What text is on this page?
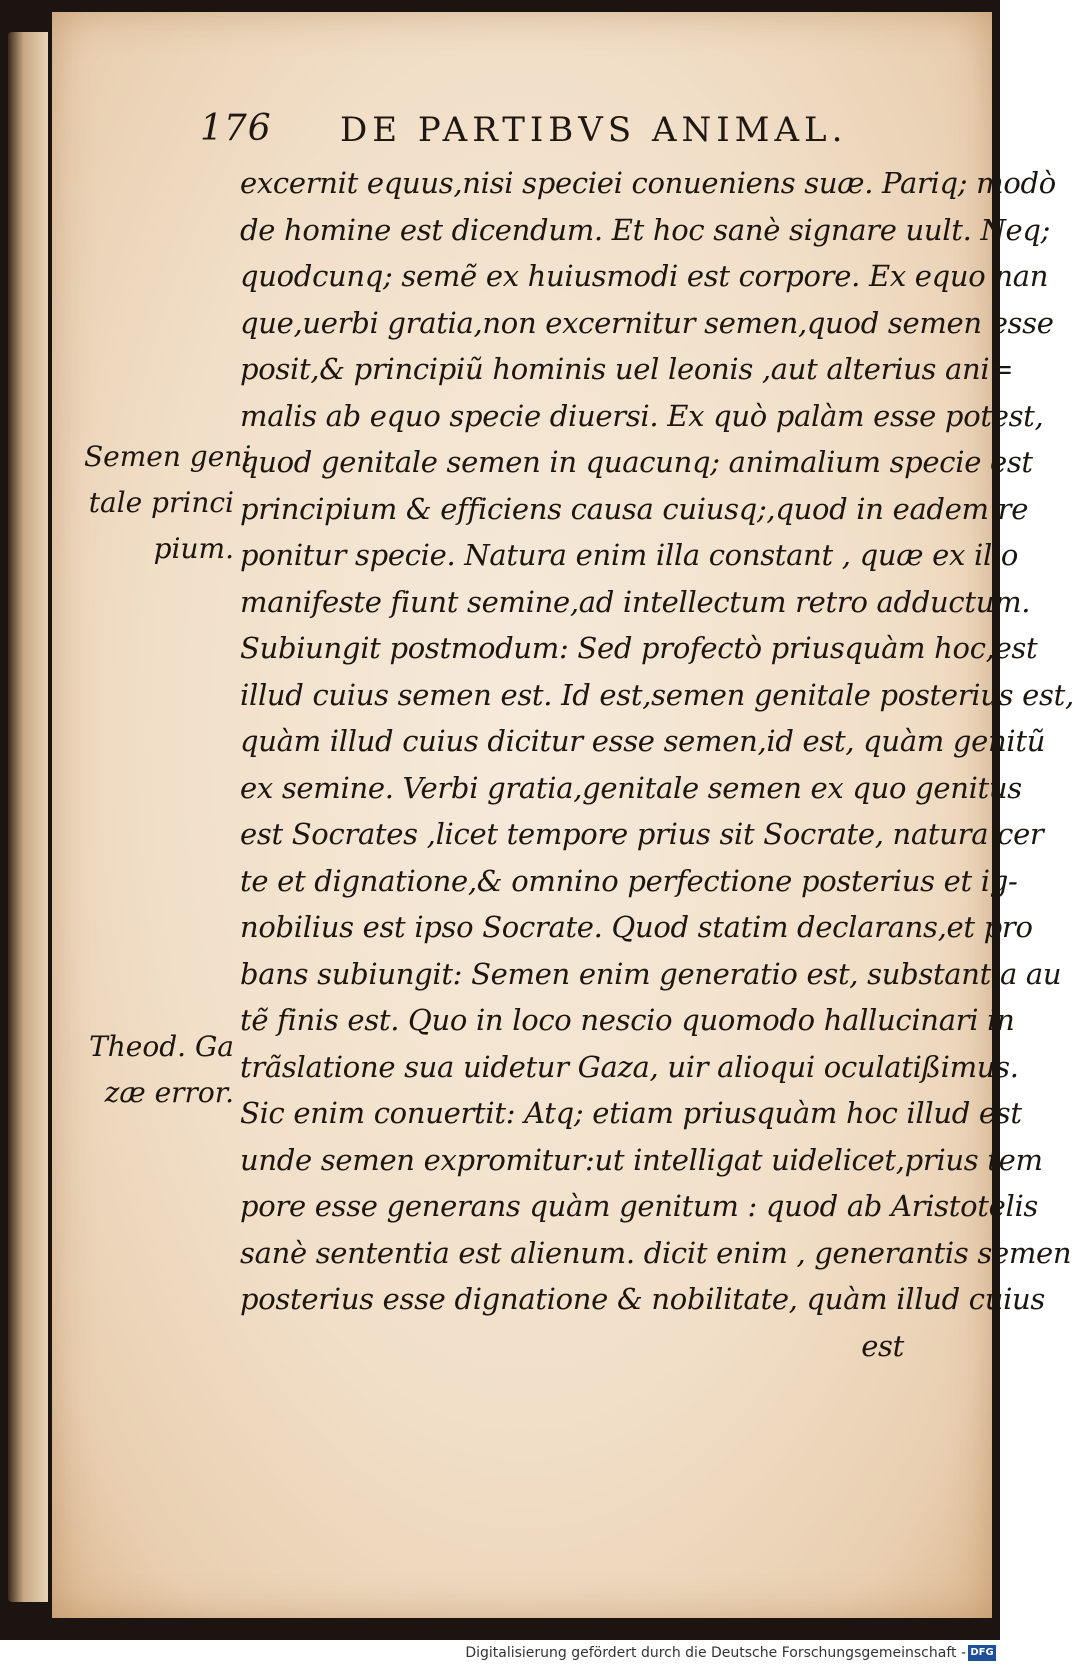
176 DE PARTIBVS ANIMAL.
Semen geni
tale princi
pium.
Theod. Ga
zæ error.
excernit equus,nisi speciei conueniens suæ. Pariq; modò
de homine est dicendum. Et hoc sanè signare uult. Neq;
quodcunq; semẽ ex huiusmodi est corpore. Ex equo nan
que,uerbi gratia,non excernitur semen,quod semen esse
posit,& principiũ hominis uel leonis ,aut alterius ani=
malis ab equo specie diuersi. Ex quò palàm esse potest,
quod genitale semen in quacunq; animalium specie est
principium & efficiens causa cuiusq;,quod in eadem re
ponitur specie. Natura enim illa constant , quæ ex illo
manifeste fiunt semine,ad intellectum retro adductum.
Subiungit postmodum: Sed profectò priusquàm hoc,est
illud cuius semen est. Id est,semen genitale posterius est,
quàm illud cuius dicitur esse semen,id est, quàm genitũ
ex semine. Verbi gratia,genitale semen ex quo genitus
est Socrates ,licet tempore prius sit Socrate, natura cer
te et dignatione,& omnino perfectione posterius et ig-
nobilius est ipso Socrate. Quod statim declarans,et pro
bans subiungit: Semen enim generatio est, substantia au
tẽ finis est. Quo in loco nescio quomodo hallucinari in
trãslatione sua uidetur Gaza, uir alioqui oculatißimus.
Sic enim conuertit: Atq; etiam priusquàm hoc illud est
unde semen expromitur:ut intelligat uidelicet,prius tem
pore esse generans quàm genitum : quod ab Aristotelis
sanè sententia est alienum. dicit enim , generantis semen
posterius esse dignatione & nobilitate, quàm illud cuius
est
Digitalisierung gefördert durch die Deutsche Forschungsgemeinschaft - DFG
